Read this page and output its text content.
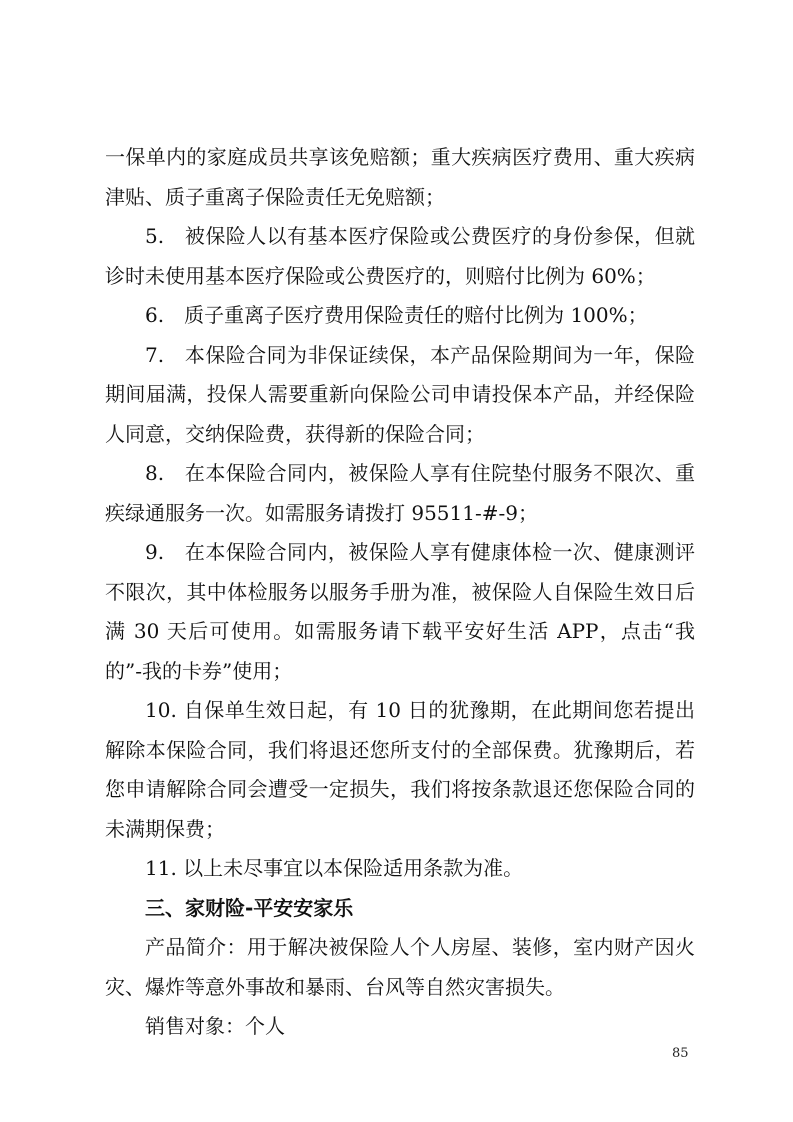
一保单内的家庭成员共享该免赔额；重大疾病医疗费用、重大疾病津贴、质子重离子保险责任无免赔额；

5.　被保险人以有基本医疗保险或公费医疗的身份参保，但就诊时未使用基本医疗保险或公费医疗的，则赔付比例为 60%；

6.　质子重离子医疗费用保险责任的赔付比例为 100%；

7.　本保险合同为非保证续保，本产品保险期间为一年，保险期间届满，投保人需要重新向保险公司申请投保本产品，并经保险人同意，交纳保险费，获得新的保险合同；

8.　在本保险合同内，被保险人享有住院垫付服务不限次、重疾绿通服务一次。如需服务请拨打 95511-#-9；

9.　在本保险合同内，被保险人享有健康体检一次、健康测评不限次，其中体检服务以服务手册为准，被保险人自保险生效日后满 30 天后可使用。如需服务请下载平安好生活 APP，点击“我的”-我的卡券”使用；

10. 自保单生效日起，有 10 日的犹豫期，在此期间您若提出解除本保险合同，我们将退还您所支付的全部保费。犹豫期后，若您申请解除合同会遭受一定损失，我们将按条款退还您保险合同的未满期保费；

11. 以上未尽事宜以本保险适用条款为准。

三、家财险-平安安家乐

产品简介：用于解决被保险人个人房屋、装修，室内财产因火灾、爆炸等意外事故和暴雨、台风等自然灾害损失。

销售对象：个人

85
